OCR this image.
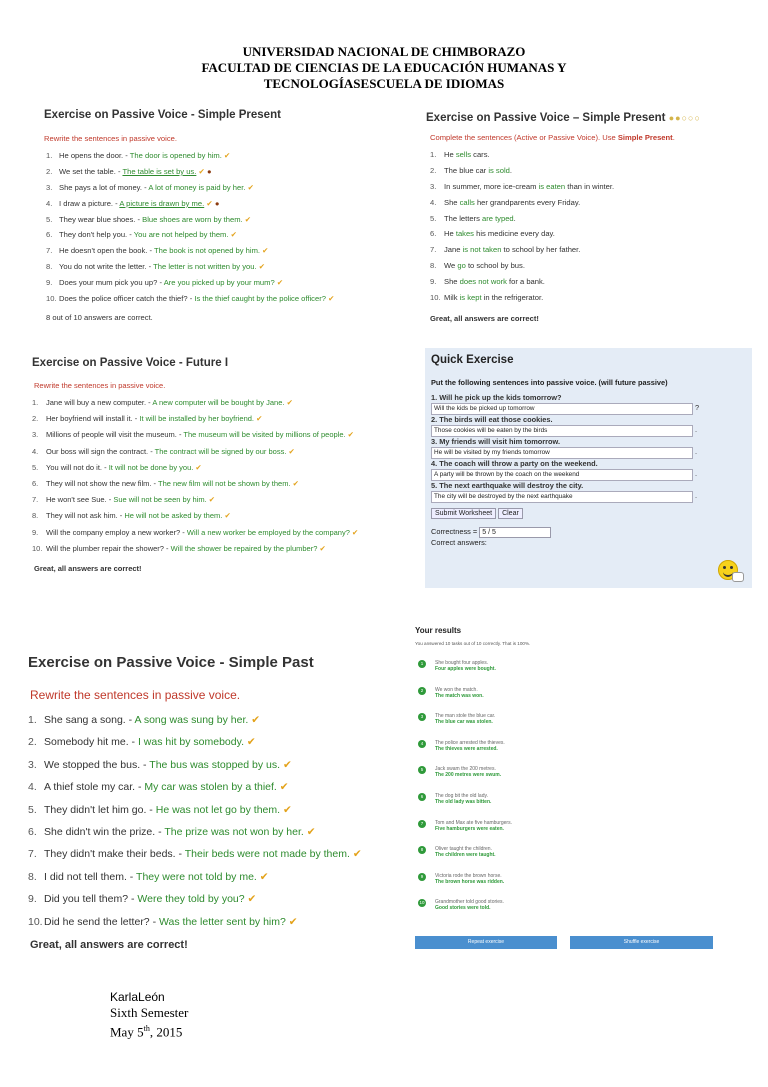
UNIVERSIDAD NACIONAL DE CHIMBORAZO
FACULTAD DE CIENCIAS DE LA EDUCACIÓN HUMANAS Y
TECNOLOGÍASESCUELA DE IDIOMAS
Exercise on Passive Voice - Simple Present
Rewrite the sentences in passive voice.
1. He opens the door. - The door is opened by him. ✔
2. We set the table. - The table is set by us. ✔ ●
3. She pays a lot of money. - A lot of money is paid by her. ✔
4. I draw a picture. - A picture is drawn by me. ✔ ●
5. They wear blue shoes. - Blue shoes are worn by them. ✔
6. They don't help you. - You are not helped by them. ✔
7. He doesn't open the book. - The book is not opened by him. ✔
8. You do not write the letter. - The letter is not written by you. ✔
9. Does your mum pick you up? - Are you picked up by your mum? ✔
10. Does the police officer catch the thief? - Is the thief caught by the police officer? ✔
8 out of 10 answers are correct.
Exercise on Passive Voice – Simple Present ●●○○○
Complete the sentences (Active or Passive Voice). Use Simple Present.
1. He sells cars.
2. The blue car is sold.
3. In summer, more ice-cream is eaten than in winter.
4. She calls her grandparents every Friday.
5. The letters are typed.
6. He takes his medicine every day.
7. Jane is not taken to school by her father.
8. We go to school by bus.
9. She does not work for a bank.
10. Milk is kept in the refrigerator.
Great, all answers are correct!
Exercise on Passive Voice - Future I
Rewrite the sentences in passive voice.
1. Jane will buy a new computer. - A new computer will be bought by Jane. ✔
2. Her boyfriend will install it. - It will be installed by her boyfriend. ✔
3. Millions of people will visit the museum. - The museum will be visited by millions of people. ✔
4. Our boss will sign the contract. - The contract will be signed by our boss. ✔
5. You will not do it. - It will not be done by you. ✔
6. They will not show the new film. - The new film will not be shown by them. ✔
7. He won't see Sue. - Sue will not be seen by him. ✔
8. They will not ask him. - He will not be asked by them. ✔
9. Will the company employ a new worker? - Will a new worker be employed by the company? ✔
10. Will the plumber repair the shower? - Will the shower be repaired by the plumber? ✔
Great, all answers are correct!
Quick Exercise
Put the following sentences into passive voice. (will future passive)
1. Will he pick up the kids tomorrow?
Will the kids be picked up tomorrow	?
2. The birds will eat those cookies.
Those cookies will be eaten by the birds	.
3. My friends will visit him tomorrow.
He will be visited by my friends tomorrow	.
4. The coach will throw a party on the weekend.
A party will be thrown by the coach on the weekend	.
5. The next earthquake will destroy the city.
The city will be destroyed by the next earthquake	.
Submit Worksheet Clear
Correctness = 5 / 5
Correct answers:
Exercise on Passive Voice - Simple Past
Rewrite the sentences in passive voice.
1. She sang a song. - A song was sung by her. ✔
2. Somebody hit me. - I was hit by somebody. ✔
3. We stopped the bus. - The bus was stopped by us. ✔
4. A thief stole my car. - My car was stolen by a thief. ✔
5. They didn't let him go. - He was not let go by them. ✔
6. She didn't win the prize. - The prize was not won by her. ✔
7. They didn't make their beds. - Their beds were not made by them. ✔
8. I did not tell them. - They were not told by me. ✔
9. Did you tell them? - Were they told by you? ✔
10. Did he send the letter? - Was the letter sent by him? ✔
Great, all answers are correct!
Your results
You answered 10 tasks out of 10 correctly. That is 100%.
1	She bought four apples.
Four apples were bought.
2	We won the match.
The match was won.
3	The man stole the blue car.
The blue car was stolen.
4	The police arrested the thieves.
The thieves were arrested.
5	Jack swam the 200 metres.
The 200 metres were swum.
6	The dog bit the old lady.
The old lady was bitten.
7	Tom and Max ate five hamburgers.
Five hamburgers were eaten.
8	Oliver taught the children.
The children were taught.
9	Victoria rode the brown horse.
The brown horse was ridden.
10	Grandmother told good stories.
Good stories were told.
Repeat exercise	Shuffle exercise
KarlaLeón
Sixth Semester
May 5th, 2015
